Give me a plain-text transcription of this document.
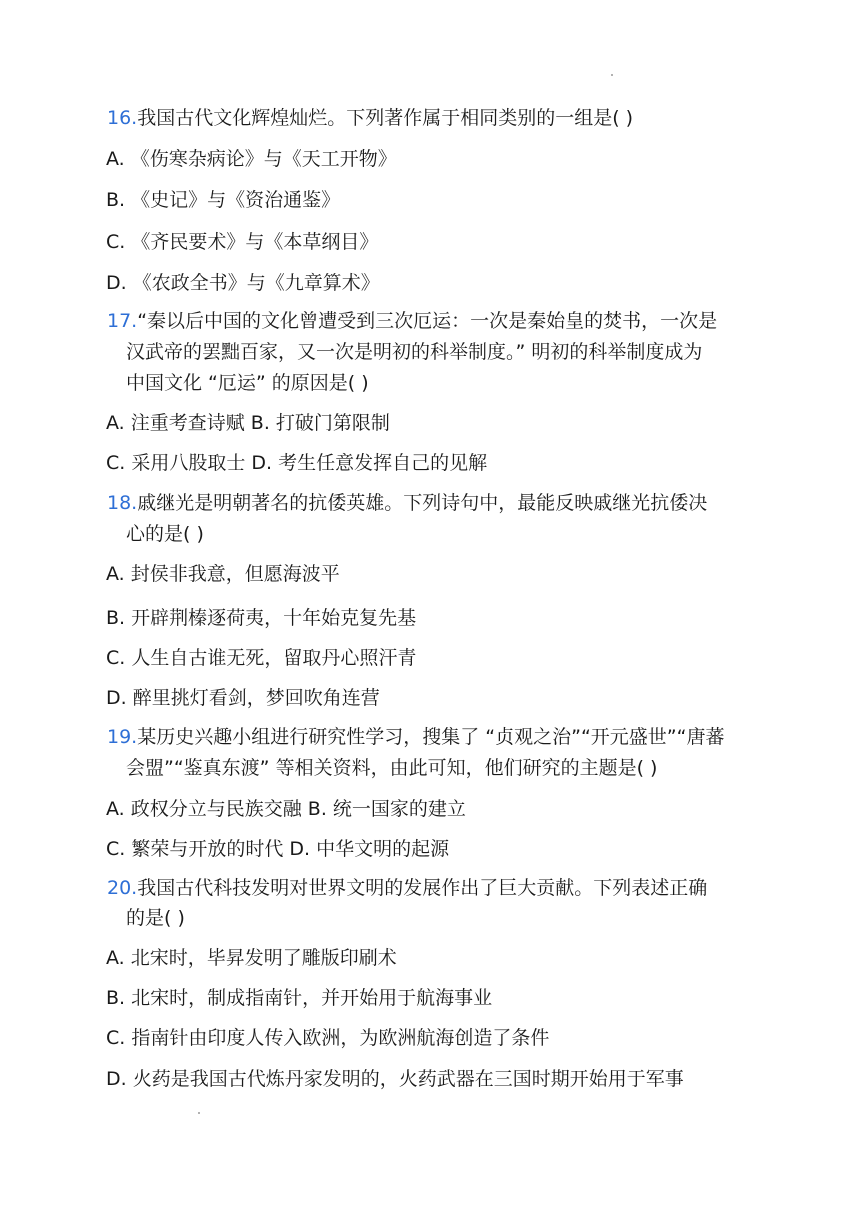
16.我国古代文化辉煌灿烂。下列著作属于相同类别的一组是( )
A. 《伤寒杂病论》与《天工开物》
B. 《史记》与《资治通鉴》
C. 《齐民要术》与《本草纲目》
D. 《农政全书》与《九章算术》
17.“秦以后中国的文化曾遭受到三次厄运：一次是秦始皇的焚书，一次是
汉武帝的罢黜百家，又一次是明初的科举制度。” 明初的科举制度成为
中国文化 “厄运” 的原因是( )
A. 注重考查诗赋 B. 打破门第限制
C. 采用八股取士 D. 考生任意发挥自己的见解
18.戚继光是明朝著名的抗倭英雄。下列诗句中，最能反映戚继光抗倭决
心的是( )
A. 封侯非我意，但愿海波平
B. 开辟荆榛逐荷夷，十年始克复先基
C. 人生自古谁无死，留取丹心照汗青
D. 醉里挑灯看剑，梦回吹角连营
19.某历史兴趣小组进行研究性学习，搜集了 “贞观之治”“开元盛世”“唐蕃
会盟”“鉴真东渡” 等相关资料，由此可知，他们研究的主题是( )
A. 政权分立与民族交融 B. 统一国家的建立
C. 繁荣与开放的时代 D. 中华文明的起源
20.我国古代科技发明对世界文明的发展作出了巨大贡献。下列表述正确
的是( )
A. 北宋时，毕昇发明了雕版印刷术
B. 北宋时，制成指南针，并开始用于航海事业
C. 指南针由印度人传入欧洲，为欧洲航海创造了条件
D. 火药是我国古代炼丹家发明的，火药武器在三国时期开始用于军事
